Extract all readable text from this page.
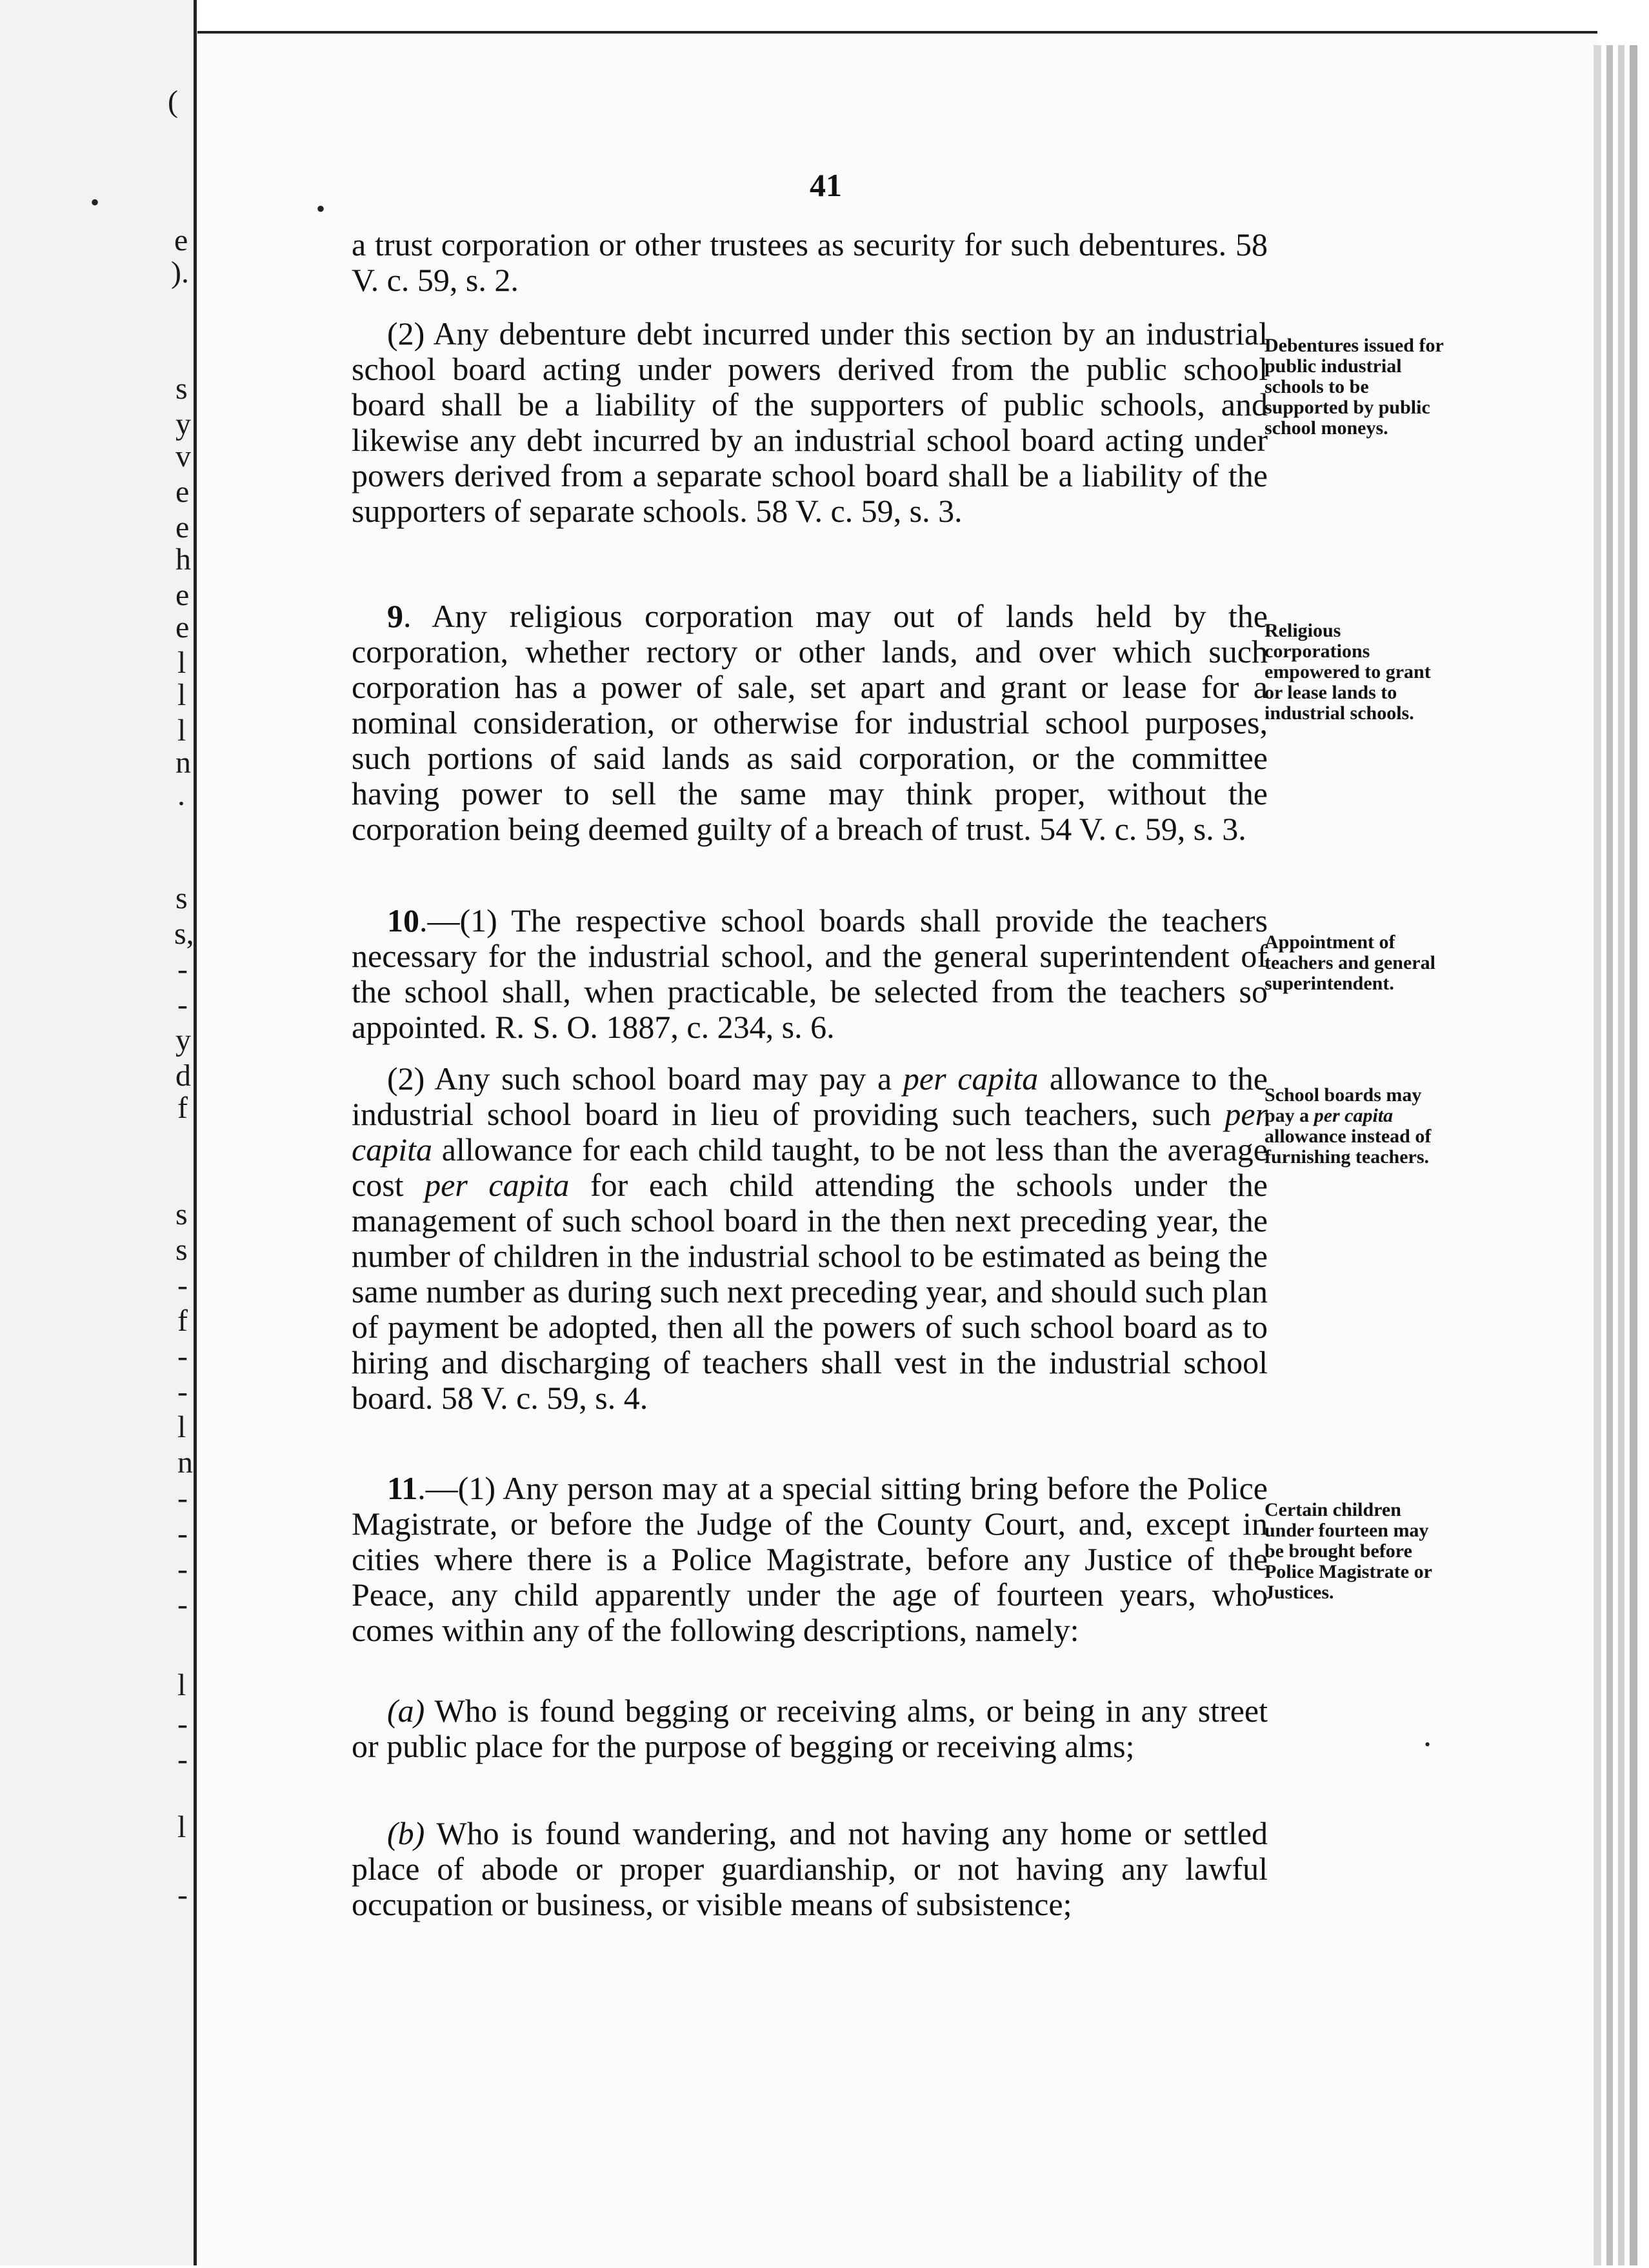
(
e
).
s
y
v
e
e
h
e
e
l
l
l
n
.
s
s,
-
-
y
d
f
s
s
-
f
-
-
l
n
-
-
-
-
l
-
-
l
-
•	•
•
41
a trust corporation or other trustees as security for such debentures. 58 V. c. 59, s. 2.
(2) Any debenture debt incurred under this section by an industrial school board acting under powers derived from the public school board shall be a liability of the supporters of public schools, and likewise any debt incurred by an industrial school board acting under powers derived from a separate school board shall be a liability of the supporters of separate schools. 58 V. c. 59, s. 3.
Debentures issued for public industrial schools to be supported by public school moneys.
9. Any religious corporation may out of lands held by the corporation, whether rectory or other lands, and over which such corporation has a power of sale, set apart and grant or lease for a nominal consideration, or otherwise for industrial school purposes, such portions of said lands as said corporation, or the committee having power to sell the same may think proper, without the corporation being deemed guilty of a breach of trust. 54 V. c. 59, s. 3.
Religious corporations empowered to grant or lease lands to industrial schools.
10.—(1) The respective school boards shall provide the teachers necessary for the industrial school, and the general superintendent of the school shall, when practicable, be selected from the teachers so appointed. R. S. O. 1887, c. 234, s. 6.
Appointment of teachers and general superintendent.
(2) Any such school board may pay a per capita allowance to the industrial school board in lieu of providing such teachers, such per capita allowance for each child taught, to be not less than the average cost per capita for each child attending the schools under the management of such school board in the then next preceding year, the number of children in the industrial school to be estimated as being the same number as during such next preceding year, and should such plan of payment be adopted, then all the powers of such school board as to hiring and discharging of teachers shall vest in the industrial school board. 58 V. c. 59, s. 4.
School boards may pay a per capita allowance instead of furnishing teachers.
11.—(1) Any person may at a special sitting bring before the Police Magistrate, or before the Judge of the County Court, and, except in cities where there is a Police Magistrate, before any Justice of the Peace, any child apparently under the age of fourteen years, who comes within any of the following descriptions, namely:
Certain children under fourteen may be brought before Police Magistrate or Justices.
(a) Who is found begging or receiving alms, or being in any street or public place for the purpose of begging or receiving alms;
(b) Who is found wandering, and not having any home or settled place of abode or proper guardianship, or not having any lawful occupation or business, or visible means of subsistence;
